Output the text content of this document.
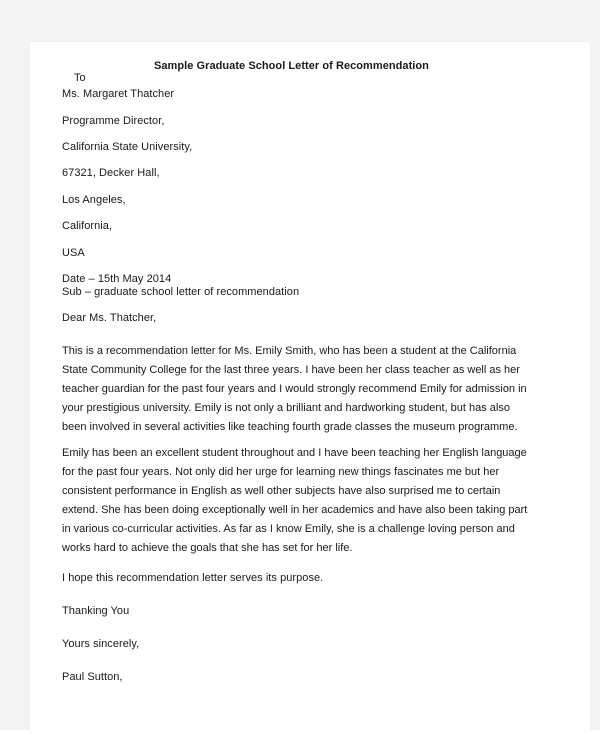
Sample Graduate School Letter of Recommendation
To
Ms. Margaret Thatcher
Programme Director,
California State University,
67321, Decker Hall,
Los Angeles,
California,
USA
Date – 15th May 2014
Sub – graduate school letter of recommendation
Dear Ms. Thatcher,
This is a recommendation letter for Ms. Emily Smith, who has been a student at the California
State Community College for the last three years. I have been her class teacher as well as her
teacher guardian for the past four years and I would strongly recommend Emily for admission in
your prestigious university. Emily is not only a brilliant and hardworking student, but has also
been involved in several activities like teaching fourth grade classes the museum programme.
Emily has been an excellent student throughout and I have been teaching her English language
for the past four years. Not only did her urge for learning new things fascinates me but her
consistent performance in English as well other subjects have also surprised me to certain
extend. She has been doing exceptionally well in her academics and have also been taking part
in various co-curricular activities. As far as I know Emily, she is a challenge loving person and
works hard to achieve the goals that she has set for her life.
I hope this recommendation letter serves its purpose.
Thanking You
Yours sincerely,
Paul Sutton,
